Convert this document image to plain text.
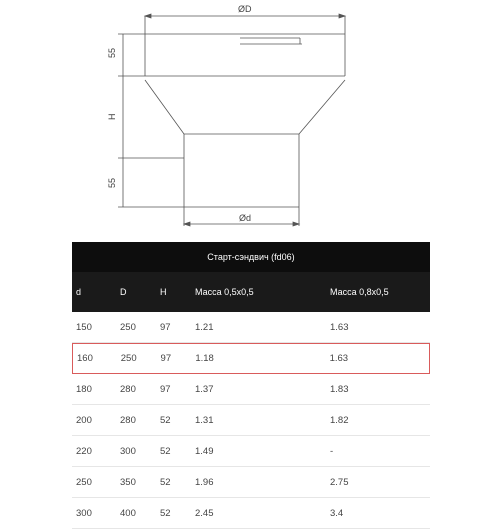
ØD
Ød
H
55
55
Старт-сэндвич (fd06)
d	D	H	Масса 0,5х0,5	Масса 0,8х0,5
150	250	97	1.21	1.63
160	250	97	1.18	1.63
180	280	97	1.37	1.83
200	280	52	1.31	1.82
220	300	52	1.49	-
250	350	52	1.96	2.75
300	400	52	2.45	3.4
